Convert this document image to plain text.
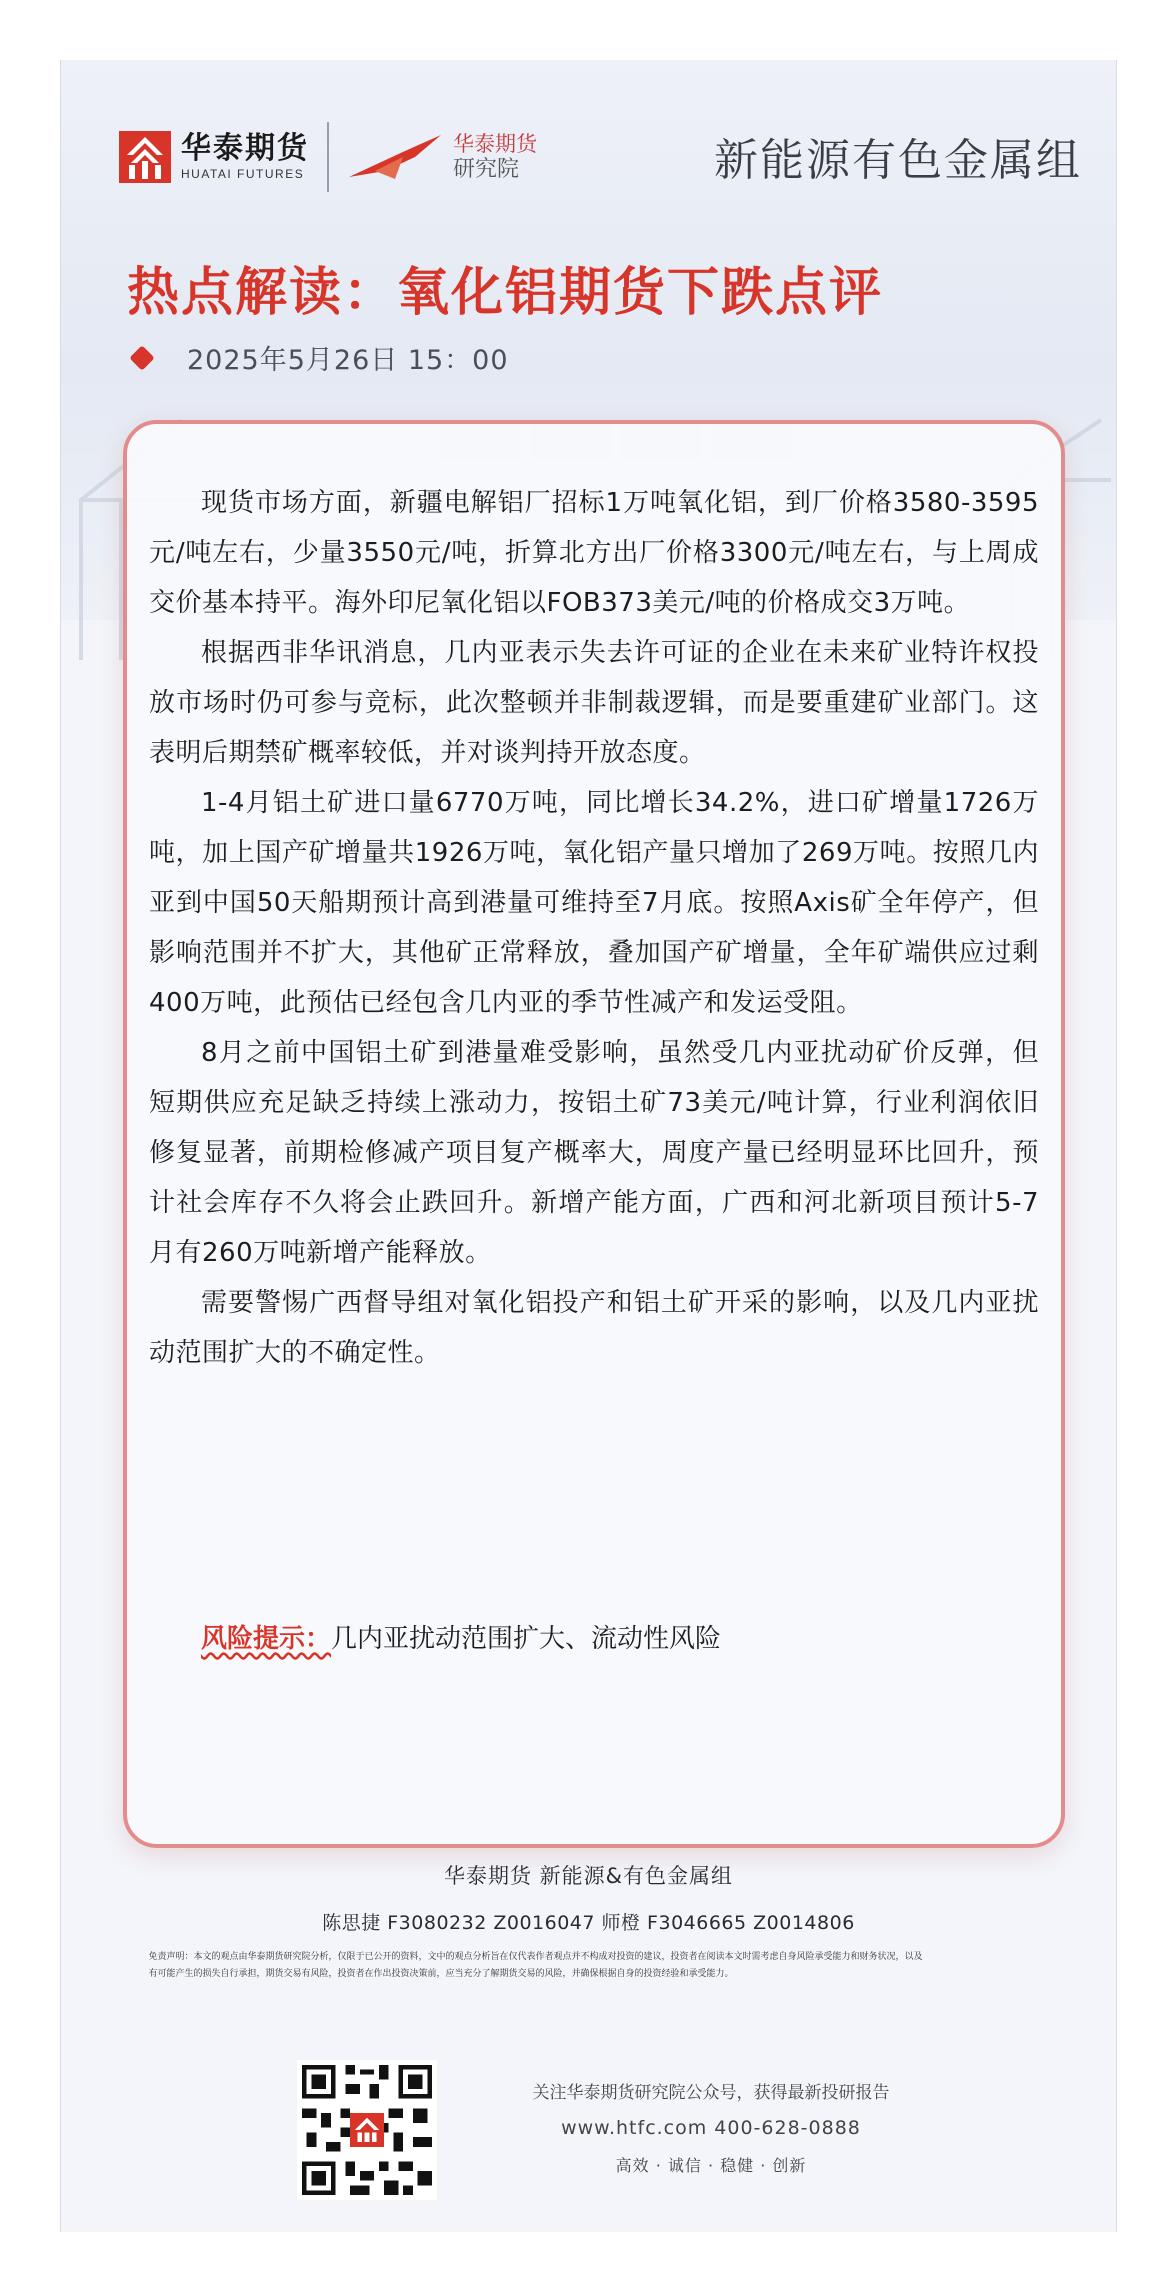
华泰期货
HUATAI FUTURES
华泰期货
研究院	新能源有色金属组
热点解读：氧化铝期货下跌点评
2025年5月26日 15：00

现货市场方面，新疆电解铝厂招标1万吨氧化铝，到厂价格3580-3595元/吨左右，少量3550元/吨，折算北方出厂价格3300元/吨左右，与上周成交价基本持平。海外印尼氧化铝以FOB373美元/吨的价格成交3万吨。

根据西非华讯消息，几内亚表示失去许可证的企业在未来矿业特许权投放市场时仍可参与竞标，此次整顿并非制裁逻辑，而是要重建矿业部门。这表明后期禁矿概率较低，并对谈判持开放态度。

1-4月铝土矿进口量6770万吨，同比增长34.2%，进口矿增量1726万吨，加上国产矿增量共1926万吨，氧化铝产量只增加了269万吨。按照几内亚到中国50天船期预计高到港量可维持至7月底。按照Axis矿全年停产，但影响范围并不扩大，其他矿正常释放，叠加国产矿增量，全年矿端供应过剩400万吨，此预估已经包含几内亚的季节性减产和发运受阻。

8月之前中国铝土矿到港量难受影响，虽然受几内亚扰动矿价反弹，但短期供应充足缺乏持续上涨动力，按铝土矿73美元/吨计算，行业利润依旧修复显著，前期检修减产项目复产概率大，周度产量已经明显环比回升，预计社会库存不久将会止跌回升。新增产能方面，广西和河北新项目预计5-7月有260万吨新增产能释放。

需要警惕广西督导组对氧化铝投产和铝土矿开采的影响，以及几内亚扰动范围扩大的不确定性。

风险提示：几内亚扰动范围扩大、流动性风险
华泰期货 新能源&有色金属组
陈思捷 F3080232 Z0016047 师橙 F3046665 Z0014806
免责声明：本文的观点由华泰期货研究院分析，仅限于已公开的资料，文中的观点分析旨在仅代表作者观点并不构成对投资的建议，投资者在阅读本文时需考虑自身风险承受能力和财务状况，以及
有可能产生的损失自行承担，期货交易有风险，投资者在作出投资决策前，应当充分了解期货交易的风险，并确保根据自身的投资经验和承受能力。
关注华泰期货研究院公众号，获得最新投研报告
www.htfc.com 400-628-0888
高效 · 诚信 · 稳健 · 创新
